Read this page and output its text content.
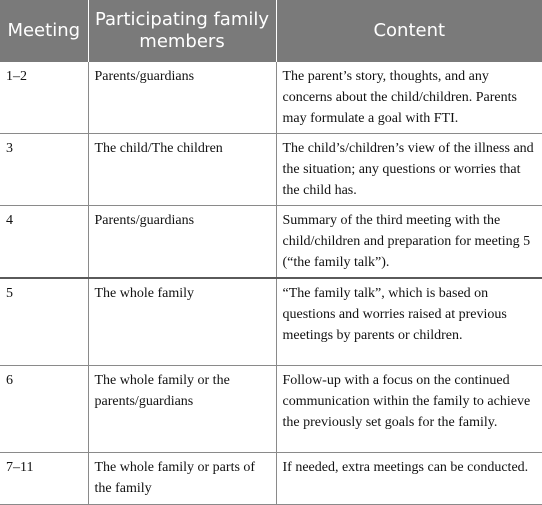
Meeting	Participating family members	Content
1–2	Parents/guardians	The parent’s story, thoughts, and any concerns about the child/children. Parents may formulate a goal with FTI.
3	The child/The children	The child’s/children’s view of the illness and the situation; any questions or worries that the child has.
4	Parents/guardians	Summary of the third meeting with the child/children and preparation for meeting 5 (“the family talk”).
5	The whole family	“The family talk”, which is based on questions and worries raised at previous meetings by parents or children.
6	The whole family or the parents/guardians	Follow-up with a focus on the continued communication within the family to achieve the previously set goals for the family.
7–11	The whole family or parts of the family	If needed, extra meetings can be conducted.
